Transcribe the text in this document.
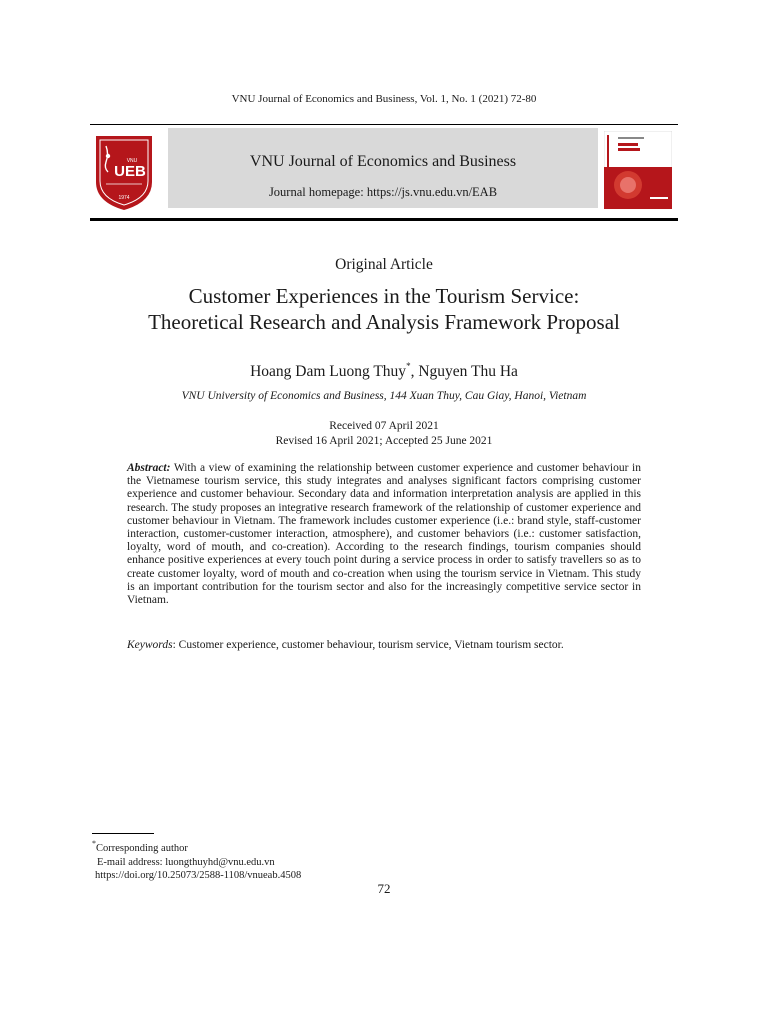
VNU Journal of Economics and Business, Vol. 1, No. 1 (2021) 72-80
VNU
UEB
1974
VNU Journal of Economics and Business
Journal homepage: https://js.vnu.edu.vn/EAB
Original Article
Customer Experiences in the Tourism Service:
Theoretical Research and Analysis Framework Proposal
Hoang Dam Luong Thuy*, Nguyen Thu Ha
VNU University of Economics and Business, 144 Xuan Thuy, Cau Giay, Hanoi, Vietnam
Received 07 April 2021
Revised 16 April 2021; Accepted 25 June 2021
Abstract: With a view of examining the relationship between customer experience and customer behaviour in the Vietnamese tourism service, this study integrates and analyses significant factors comprising customer experience and customer behaviour. Secondary data and information interpretation analysis are applied in this research. The study proposes an integrative research framework of the relationship of customer experience and customer behaviour in Vietnam. The framework includes customer experience (i.e.: brand style, staff-customer interaction, customer-customer interaction, atmosphere), and customer behaviors (i.e.: customer satisfaction, loyalty, word of mouth, and co-creation). According to the research findings, tourism companies should enhance positive experiences at every touch point during a service process in order to satisfy travellers so as to create customer loyalty, word of mouth and co-creation when using the tourism service in Vietnam. This study is an important contribution for the tourism sector and also for the increasingly competitive service sector in Vietnam.
Keywords: Customer experience, customer behaviour, tourism service, Vietnam tourism sector.
*Corresponding author
E-mail address: luongthuyhd@vnu.edu.vn
https://doi.org/10.25073/2588-1108/vnueab.4508
72
